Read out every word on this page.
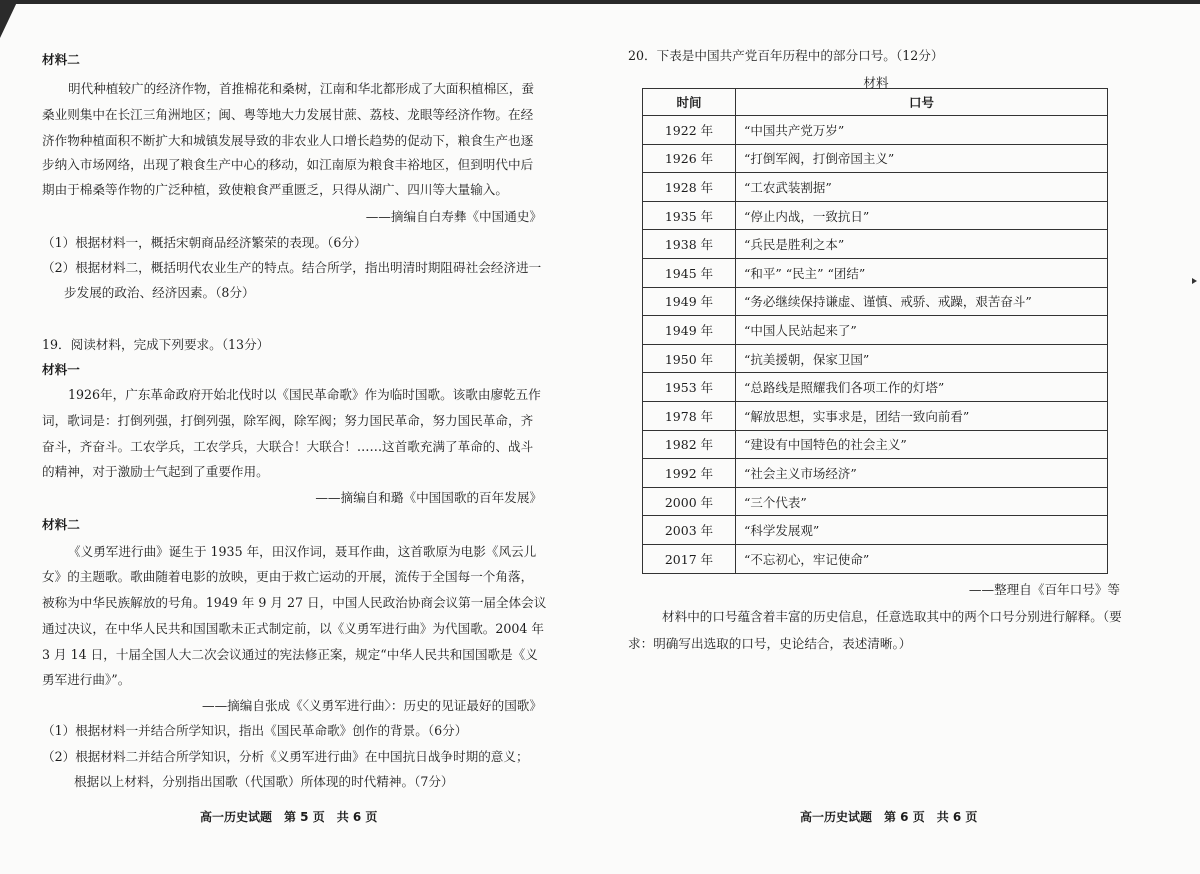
材料二
明代种植较广的经济作物，首推棉花和桑树，江南和华北都形成了大面积植棉区，蚕
桑业则集中在长江三角洲地区；闽、粤等地大力发展甘蔗、荔枝、龙眼等经济作物。在经
济作物种植面积不断扩大和城镇发展导致的非农业人口增长趋势的促动下，粮食生产也逐
步纳入市场网络，出现了粮食生产中心的移动，如江南原为粮食丰裕地区，但到明代中后
期由于棉桑等作物的广泛种植，致使粮食严重匮乏，只得从湖广、四川等大量输入。
——摘编自白寿彝《中国通史》
（1）根据材料一，概括宋朝商品经济繁荣的表现。（6分）
（2）根据材料二，概括明代农业生产的特点。结合所学，指出明清时期阻碍社会经济进一
步发展的政治、经济因素。（8分）
19．阅读材料，完成下列要求。（13分）
材料一
1926年，广东革命政府开始北伐时以《国民革命歌》作为临时国歌。该歌由廖乾五作
词，歌词是：打倒列强，打倒列强，除军阀，除军阀；努力国民革命，努力国民革命，齐
奋斗，齐奋斗。工农学兵，工农学兵，大联合！大联合！……这首歌充满了革命的、战斗
的精神，对于激励士气起到了重要作用。
——摘编自和璐《中国国歌的百年发展》
材料二
《义勇军进行曲》诞生于 1935 年，田汉作词，聂耳作曲，这首歌原为电影《风云儿
女》的主题歌。歌曲随着电影的放映，更由于救亡运动的开展，流传于全国每一个角落，
被称为中华民族解放的号角。1949 年 9 月 27 日，中国人民政治协商会议第一届全体会议
通过决议，在中华人民共和国国歌未正式制定前，以《义勇军进行曲》为代国歌。2004 年
3 月 14 日，十届全国人大二次会议通过的宪法修正案，规定“中华人民共和国国歌是《义
勇军进行曲》”。
——摘编自张成《〈义勇军进行曲〉：历史的见证最好的国歌》
（1）根据材料一并结合所学知识，指出《国民革命歌》创作的背景。（6分）
（2）根据材料二并结合所学知识，分析《义勇军进行曲》在中国抗日战争时期的意义；
根据以上材料，分别指出国歌（代国歌）所体现的时代精神。（7分）
高一历史试题　第 5 页　共 6 页
20．下表是中国共产党百年历程中的部分口号。（12分）
材料
时间	口号
1922 年	“中国共产党万岁”
1926 年	“打倒军阀，打倒帝国主义”
1928 年	“工农武装割据”
1935 年	“停止内战，一致抗日”
1938 年	“兵民是胜利之本”
1945 年	“和平” “民主” “团结”
1949 年	“务必继续保持谦虚、谨慎、戒骄、戒躁，艰苦奋斗”
1949 年	“中国人民站起来了”
1950 年	“抗美援朝，保家卫国”
1953 年	“总路线是照耀我们各项工作的灯塔”
1978 年	“解放思想，实事求是，团结一致向前看”
1982 年	“建设有中国特色的社会主义”
1992 年	“社会主义市场经济”
2000 年	“三个代表”
2003 年	“科学发展观”
2017 年	“不忘初心，牢记使命”
——整理自《百年口号》等
材料中的口号蕴含着丰富的历史信息，任意选取其中的两个口号分别进行解释。（要
求：明确写出选取的口号，史论结合，表述清晰。）
高一历史试题　第 6 页　共 6 页
